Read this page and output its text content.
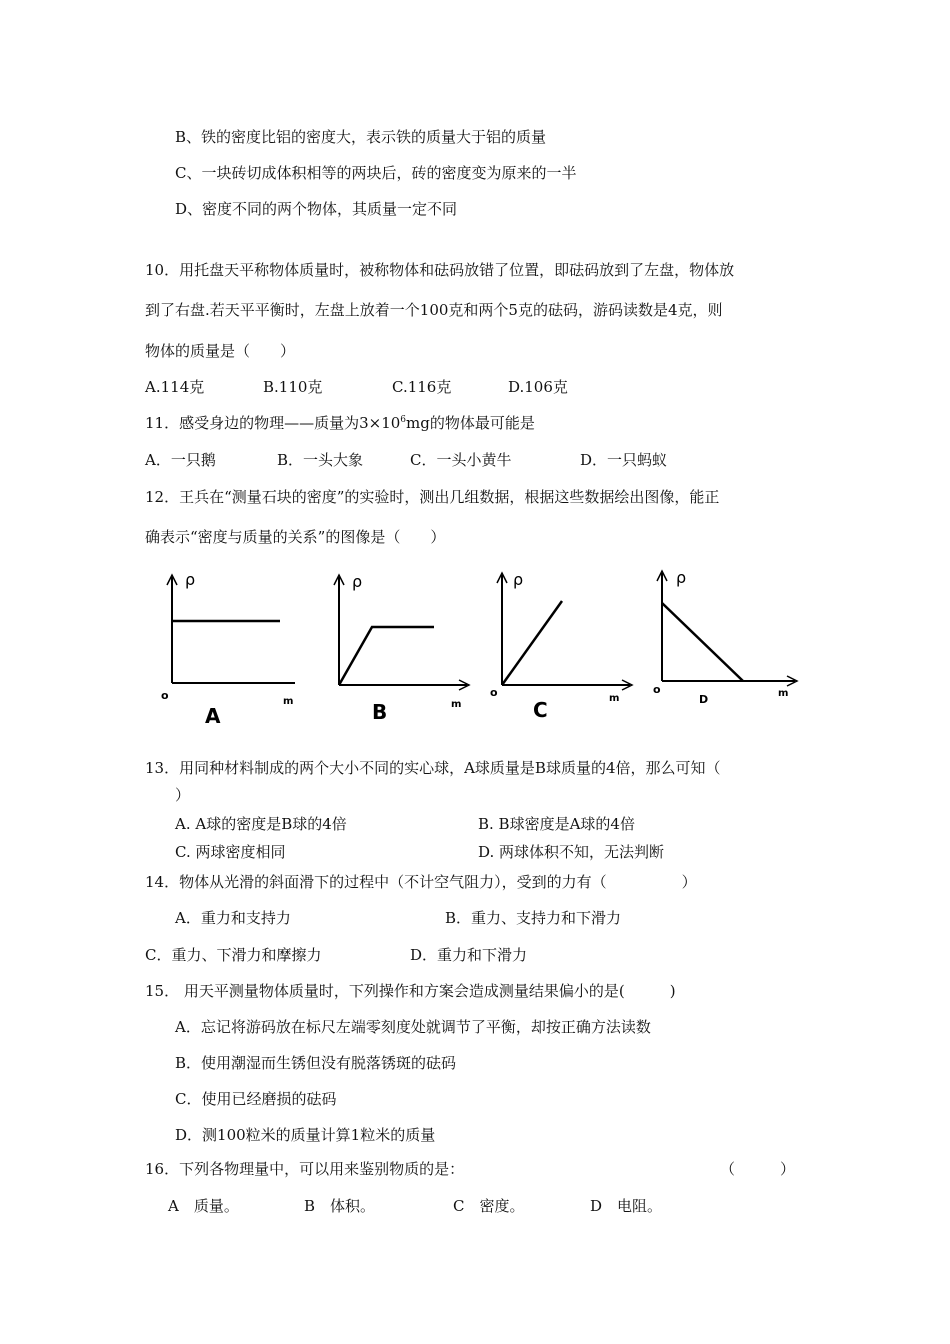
B、铁的密度比铝的密度大，表示铁的质量大于铝的质量
C、一块砖切成体积相等的两块后，砖的密度变为原来的一半
D、密度不同的两个物体，其质量一定不同
10．用托盘天平称物体质量时，被称物体和砝码放错了位置，即砝码放到了左盘，物体放
到了右盘.若天平平衡时，左盘上放着一个100克和两个5克的砝码，游码读数是4克，则
物体的质量是（　　）
A.114克	B.110克	C.116克	D.106克
11．感受身边的物理——质量为$3\times 10^6mg$的物体最可能是
A．一只鹅	B．一头大象	C．一头小黄牛	D．一只蚂蚁
12．王兵在“测量石块的密度”的实验时，测出几组数据，根据这些数据绘出图像，能正
确表示“密度与质量的关系”的图像是（　　）
ρ
o	m
A
ρ
m
B
ρ
o	m
C
ρ
o	m
D
13．用同种材料制成的两个大小不同的实心球，A球质量是B球质量的4倍，那么可知（
）
A. A球的密度是B球的4倍	B. B球密度是A球的4倍
C. 两球密度相同	D. 两球体积不知，无法判断
14．物体从光滑的斜面滑下的过程中（不计空气阻力），受到的力有（　　　　　）
A．重力和支持力	B．重力、支持力和下滑力
C．重力、下滑力和摩擦力	D．重力和下滑力
15． 用天平测量物体质量时，下列操作和方案会造成测量结果偏小的是(　　　)
A．忘记将游码放在标尺左端零刻度处就调节了平衡，却按正确方法读数
B．使用潮湿而生锈但没有脱落锈斑的砝码
C．使用已经磨损的砝码
D．测100粒米的质量计算1粒米的质量
16．下列各物理量中，可以用来鉴别物质的是：	（　　　）
A　质量。	B　体积。	C　密度。	D　电阻。
